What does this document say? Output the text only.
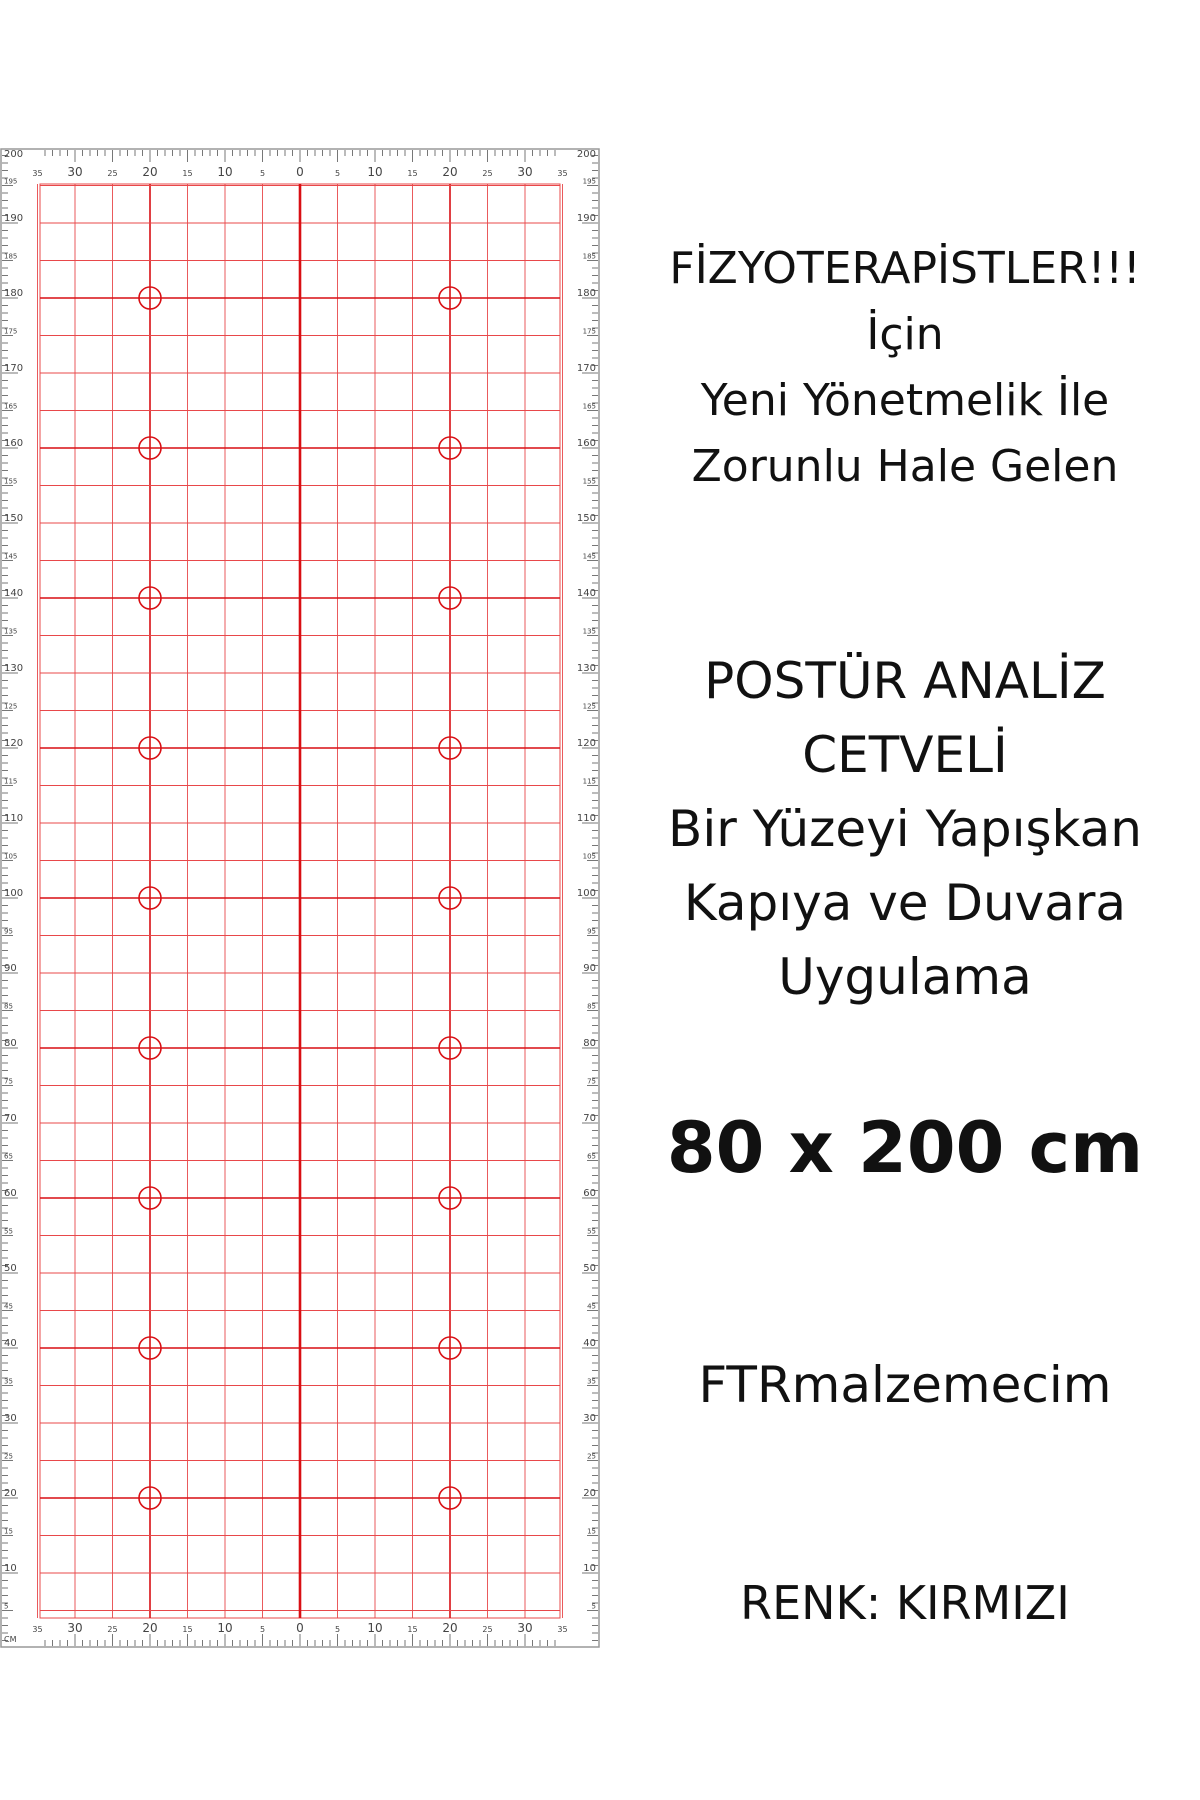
5	5
10	10
15	15
20	20
25	25
30	30
35	35
40	40
45	45
50	50
55	55
60	60
65	65
70	70
75	75
80	80
85	85
90	90
95	95
100	100
105	105
110	110
115	115
120	120
125	125
130	130
135	135
140	140
145	145
150	150
155	155
160	160
165	165
170	170
175	175
180	180
185	185
190	190
195	195
200	200
35
35
30
30
25
25
20
20
15
15
10
10
5
5
0
0
5
5
10
10
15
15
20
20
25
25
30
30
35
35
CM
FİZYOTERAPİSTLER!!!
İçin
Yeni Yönetmelik İle
Zorunlu Hale Gelen
POSTÜR ANALİZ
CETVELİ
Bir Yüzeyi Yapışkan
Kapıya ve Duvara
Uygulama
80 x 200 cm
FTRmalzemecim
RENK: KIRMIZI
